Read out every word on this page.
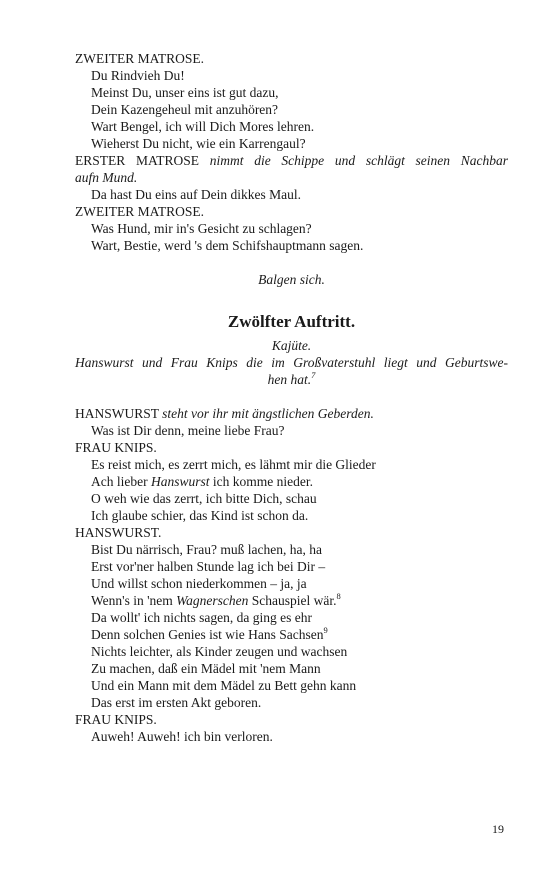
ZWEITER MATROSE.
Du Rindvieh Du!
Meinst Du, unser eins ist gut dazu,
Dein Kazengeheul mit anzuhören?
Wart Bengel, ich will Dich Mores lehren.
Wieherst Du nicht, wie ein Karrengaul?
ERSTER MATROSE nimmt die Schippe und schlägt seinen Nachbar
aufn Mund.
Da hast Du eins auf Dein dikkes Maul.
ZWEITER MATROSE.
Was Hund, mir in's Gesicht zu schlagen?
Wart, Bestie, werd 's dem Schifshauptmann sagen.
Balgen sich.
Zwölfter Auftritt.
Kajüte.
Hanswurst und Frau Knips die im Großvaterstuhl liegt und Geburtswe-
hen hat.$^7$
HANSWURST steht vor ihr mit ängstlichen Geberden.
Was ist Dir denn, meine liebe Frau?
FRAU KNIPS.
Es reist mich, es zerrt mich, es lähmt mir die Glieder
Ach lieber Hanswurst ich komme nieder.
O weh wie das zerrt, ich bitte Dich, schau
Ich glaube schier, das Kind ist schon da.
HANSWURST.
Bist Du närrisch, Frau? muß lachen, ha, ha
Erst vor'ner halben Stunde lag ich bei Dir –
Und willst schon niederkommen – ja, ja
Wenn's in 'nem Wagnerschen Schauspiel wär.$^8$
Da wollt' ich nichts sagen, da ging es ehr
Denn solchen Genies ist wie Hans Sachsen$^9$
Nichts leichter, als Kinder zeugen und wachsen
Zu machen, daß ein Mädel mit 'nem Mann
Und ein Mann mit dem Mädel zu Bett gehn kann
Das erst im ersten Akt geboren.
FRAU KNIPS.
Auweh! Auweh! ich bin verloren.
19
